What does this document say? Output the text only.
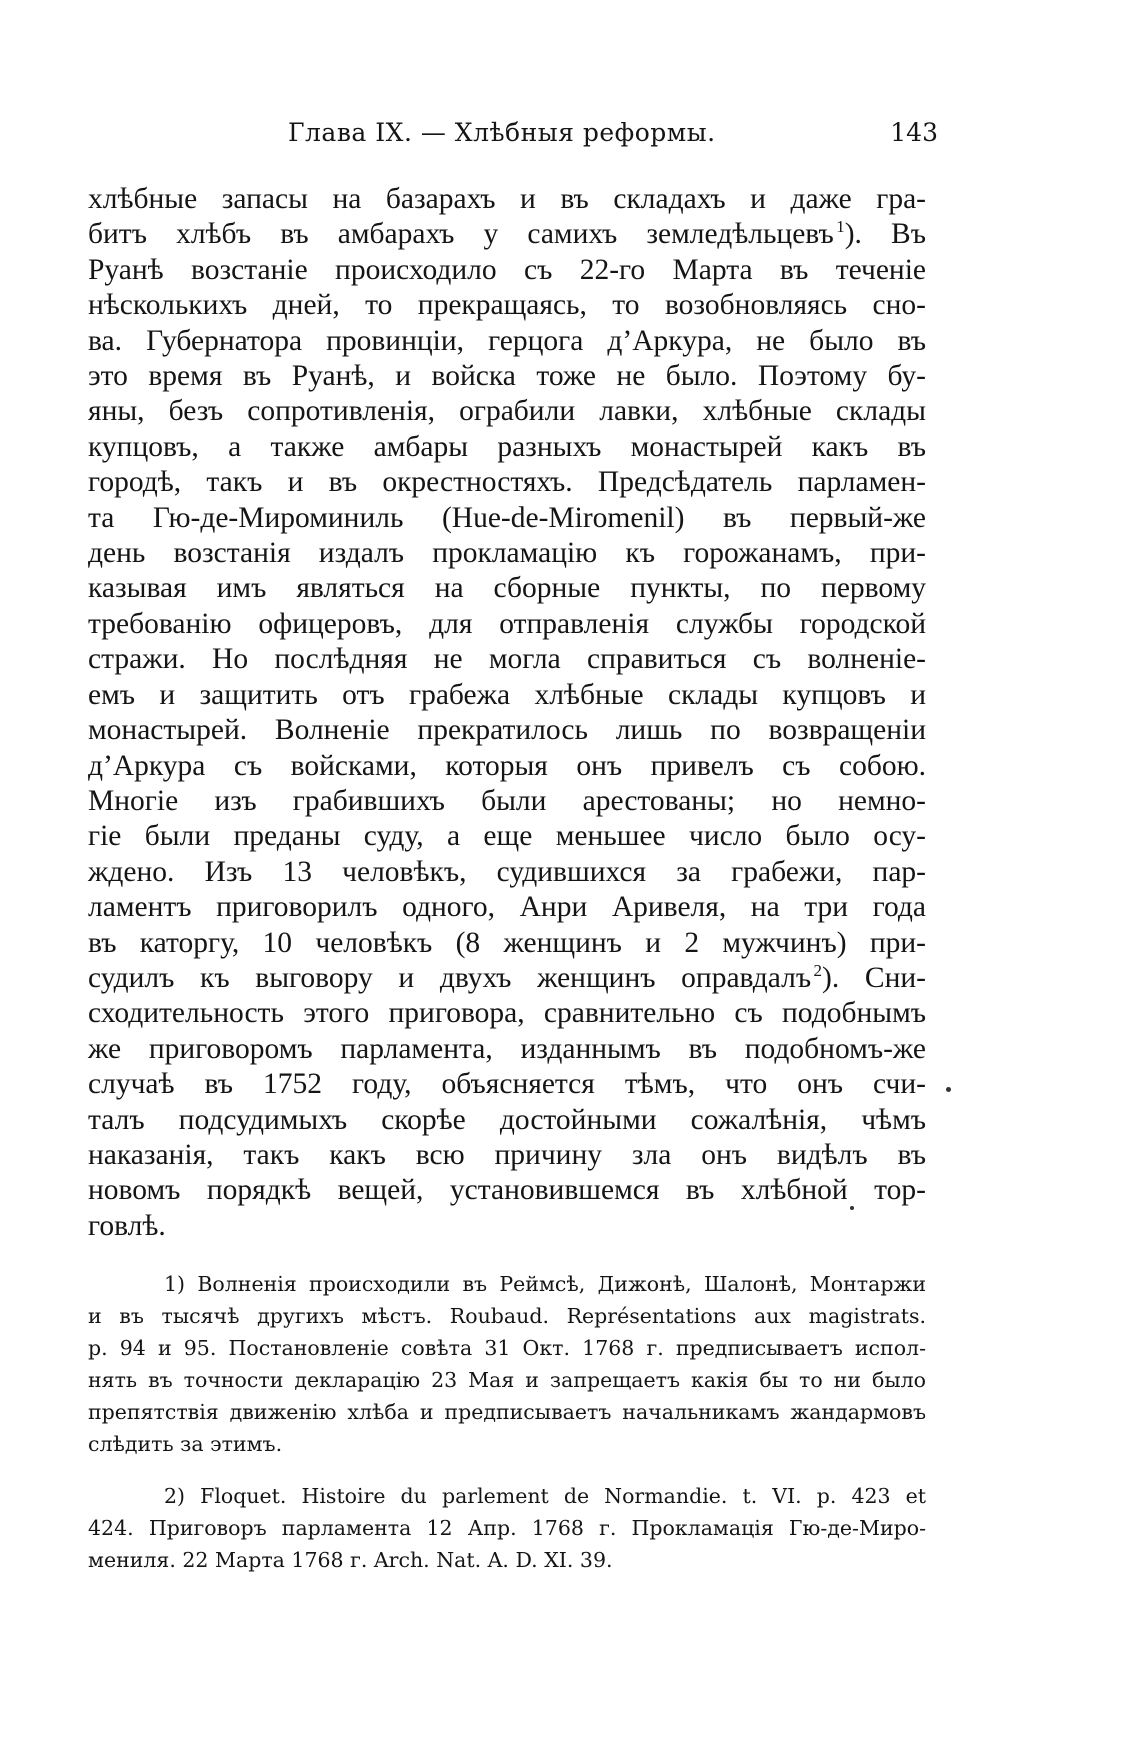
Глава IX. — Хлѣбныя реформы.	143
хлѣбные запасы на базарахъ и въ складахъ и даже гра-
битъ хлѣбъ въ амбарахъ у самихъ земледѣльцевъ  $^1$). Въ
Руанѣ возстаніе происходило съ 22-го Марта въ теченіе
нѣсколькихъ дней, то прекращаясь, то возобновляясь сно-
ва. Губернатора провинціи, герцога д’Аркура, не было въ
это время въ Руанѣ, и войска тоже не было. Поэтому бу-
яны, безъ сопротивленія, ограбили лавки, хлѣбные склады
купцовъ, а также амбары разныхъ монастырей какъ въ
городѣ, такъ и въ окрестностяхъ. Предсѣдатель парламен-
та Гю-де-Мироминиль (Hue-de-Miromenil) въ первый-же
день возстанія издалъ прокламацію къ горожанамъ, при-
казывая имъ являться на сборные пункты, по первому
требованію офицеровъ, для отправленія службы городской
стражи. Но послѣдняя не могла справиться съ волненіе-
емъ и защитить отъ грабежа хлѣбные склады купцовъ и
монастырей. Волненіе прекратилось лишь по возвращеніи
д’Аркура съ войсками, которыя онъ привелъ съ собою.
Многіе изъ грабившихъ были арестованы; но немно-
гіе были преданы суду, а еще меньшее число было осу-
ждено. Изъ 13 человѣкъ, судившихся за грабежи, пар-
ламентъ приговорилъ одного, Анри Аривеля, на три года
въ каторгу, 10 человѣкъ (8 женщинъ и 2 мужчинъ) при-
судилъ къ выговору и двухъ женщинъ оправдалъ  $^2$). Сни-
сходительность этого приговора, сравнительно съ подобнымъ
же приговоромъ парламента, изданнымъ въ подобномъ-же
случаѣ въ 1752 году, объясняется тѣмъ, что онъ счи-
талъ подсудимыхъ скорѣе достойными сожалѣнія, чѣмъ
наказанія, такъ какъ всю причину зла онъ видѣлъ въ
новомъ порядкѣ вещей, установившемся въ хлѣбной тор-
говлѣ.
1) Волненія происходили въ Реймсѣ, Дижонѣ, Шалонѣ, Монтаржи
и въ тысячѣ другихъ мѣстъ. Roubaud. Représentations aux magistrats.
p. 94 и 95. Постановленіе совѣта 31 Окт. 1768 г. предписываетъ испол-
нять въ точности декларацію 23 Мая и запрещаетъ какія бы то ни было
препятствія движенію хлѣба и предписываетъ начальникамъ жандармовъ
слѣдить за этимъ.
2) Floquet. Histoire du parlement de Normandie. t. VI. p. 423 et
424. Приговоръ парламента 12 Апр. 1768 г. Прокламація Гю-де-Миро-
мениля. 22 Марта 1768 г. Arch. Nat. A. D. XI. 39.
